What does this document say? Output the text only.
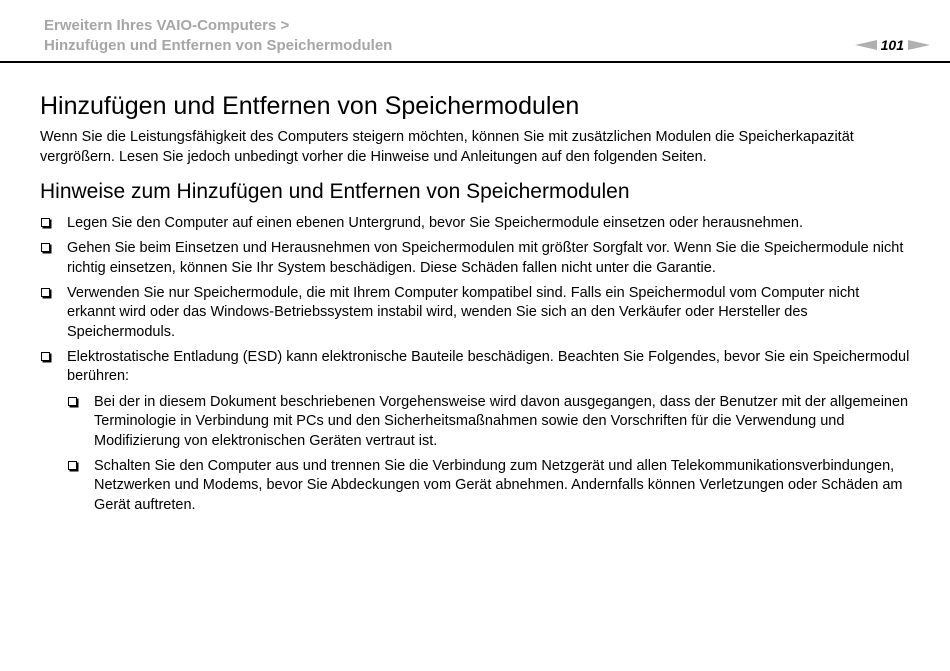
Erweitern Ihres VAIO-Computers >
Hinzufügen und Entfernen von Speichermodulen	101
Hinzufügen und Entfernen von Speichermodulen

Wenn Sie die Leistungsfähigkeit des Computers steigern möchten, können Sie mit zusätzlichen Modulen die Speicherkapazität vergrößern. Lesen Sie jedoch unbedingt vorher die Hinweise und Anleitungen auf den folgenden Seiten.

Hinweise zum Hinzufügen und Entfernen von Speichermodulen
Legen Sie den Computer auf einen ebenen Untergrund, bevor Sie Speichermodule einsetzen oder herausnehmen.
Gehen Sie beim Einsetzen und Herausnehmen von Speichermodulen mit größter Sorgfalt vor. Wenn Sie die Speichermodule nicht richtig einsetzen, können Sie Ihr System beschädigen. Diese Schäden fallen nicht unter die Garantie.
Verwenden Sie nur Speichermodule, die mit Ihrem Computer kompatibel sind. Falls ein Speichermodul vom Computer nicht erkannt wird oder das Windows-Betriebssystem instabil wird, wenden Sie sich an den Verkäufer oder Hersteller des Speichermoduls.
Elektrostatische Entladung (ESD) kann elektronische Bauteile beschädigen. Beachten Sie Folgendes, bevor Sie ein Speichermodul berühren:
Bei der in diesem Dokument beschriebenen Vorgehensweise wird davon ausgegangen, dass der Benutzer mit der allgemeinen Terminologie in Verbindung mit PCs und den Sicherheitsmaßnahmen sowie den Vorschriften für die Verwendung und Modifizierung von elektronischen Geräten vertraut ist.
Schalten Sie den Computer aus und trennen Sie die Verbindung zum Netzgerät und allen Telekommunikationsverbindungen, Netzwerken und Modems, bevor Sie Abdeckungen vom Gerät abnehmen. Andernfalls können Verletzungen oder Schäden am Gerät auftreten.
